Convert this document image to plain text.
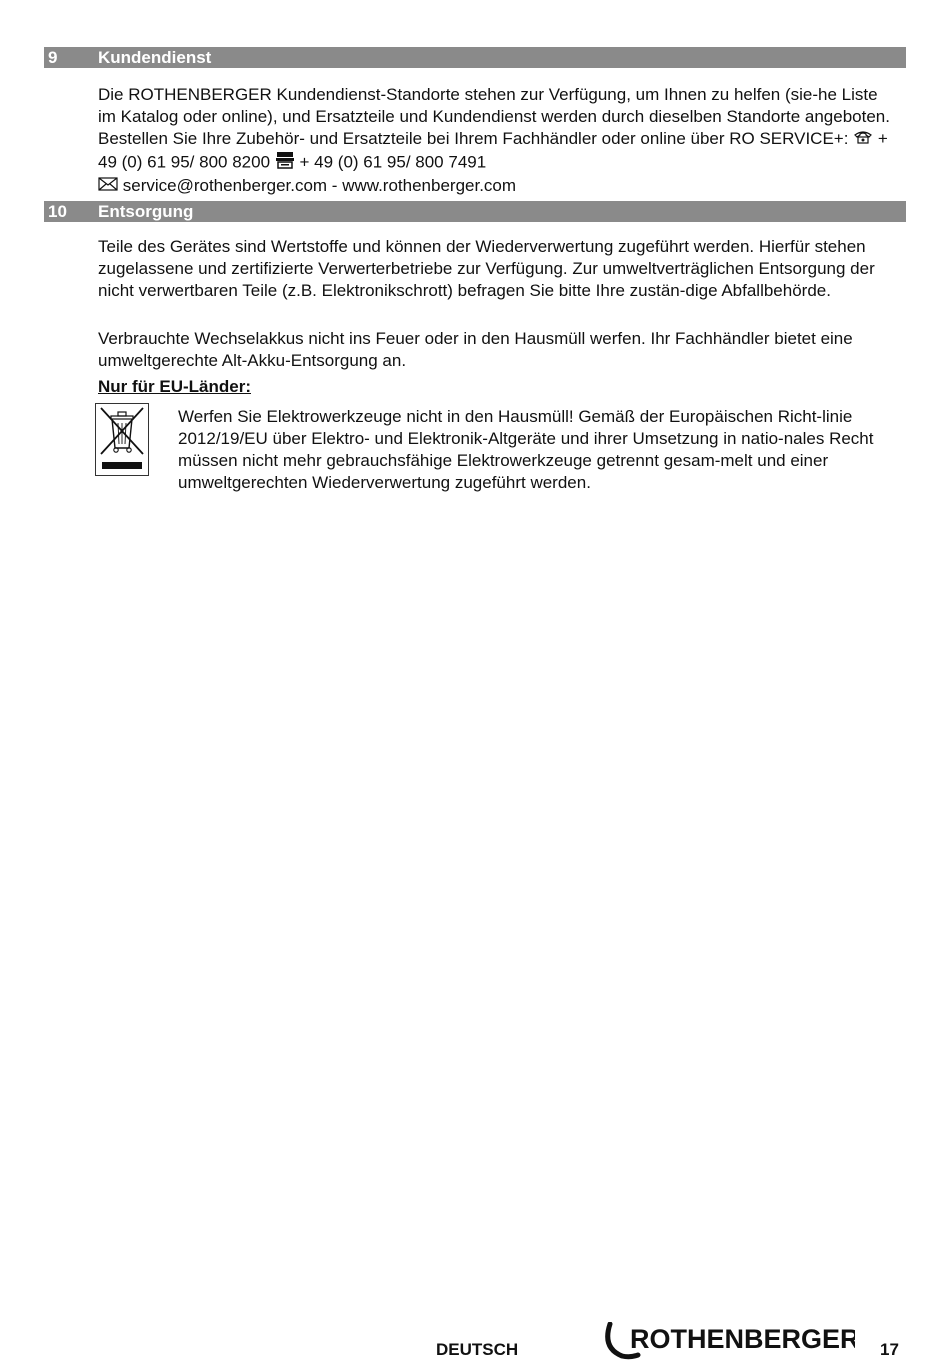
9 Kundendienst
Die ROTHENBERGER Kundendienst-Standorte stehen zur Verfügung, um Ihnen zu helfen (sie-he Liste im Katalog oder online), und Ersatzteile und Kundendienst werden durch dieselben Standorte angeboten. Bestellen Sie Ihre Zubehör- und Ersatzteile bei Ihrem Fachhändler oder online über RO SERVICE+: + 49 (0) 61 95/ 800 8200 + 49 (0) 61 95/ 800 7491
service@rothenberger.com - www.rothenberger.com
10 Entsorgung

Teile des Gerätes sind Wertstoffe und können der Wiederverwertung zugeführt werden. Hierfür stehen zugelassene und zertifizierte Verwerterbetriebe zur Verfügung. Zur umweltverträglichen Entsorgung der nicht verwertbaren Teile (z.B. Elektronikschrott) befragen Sie bitte Ihre zustän-dige Abfallbehörde.

Verbrauchte Wechselakkus nicht ins Feuer oder in den Hausmüll werfen. Ihr Fachhändler bietet eine umweltgerechte Alt-Akku-Entsorgung an.

Nur für EU-Länder:

Werfen Sie Elektrowerkzeuge nicht in den Hausmüll! Gemäß der Europäischen Richt-linie 2012/19/EU über Elektro- und Elektronik-Altgeräte und ihrer Umsetzung in natio-nales Recht müssen nicht mehr gebrauchsfähige Elektrowerkzeuge getrennt gesam-melt und einer umweltgerechten Wiederverwertung zugeführt werden.

DEUTSCH	ROTHENBERGER 17
